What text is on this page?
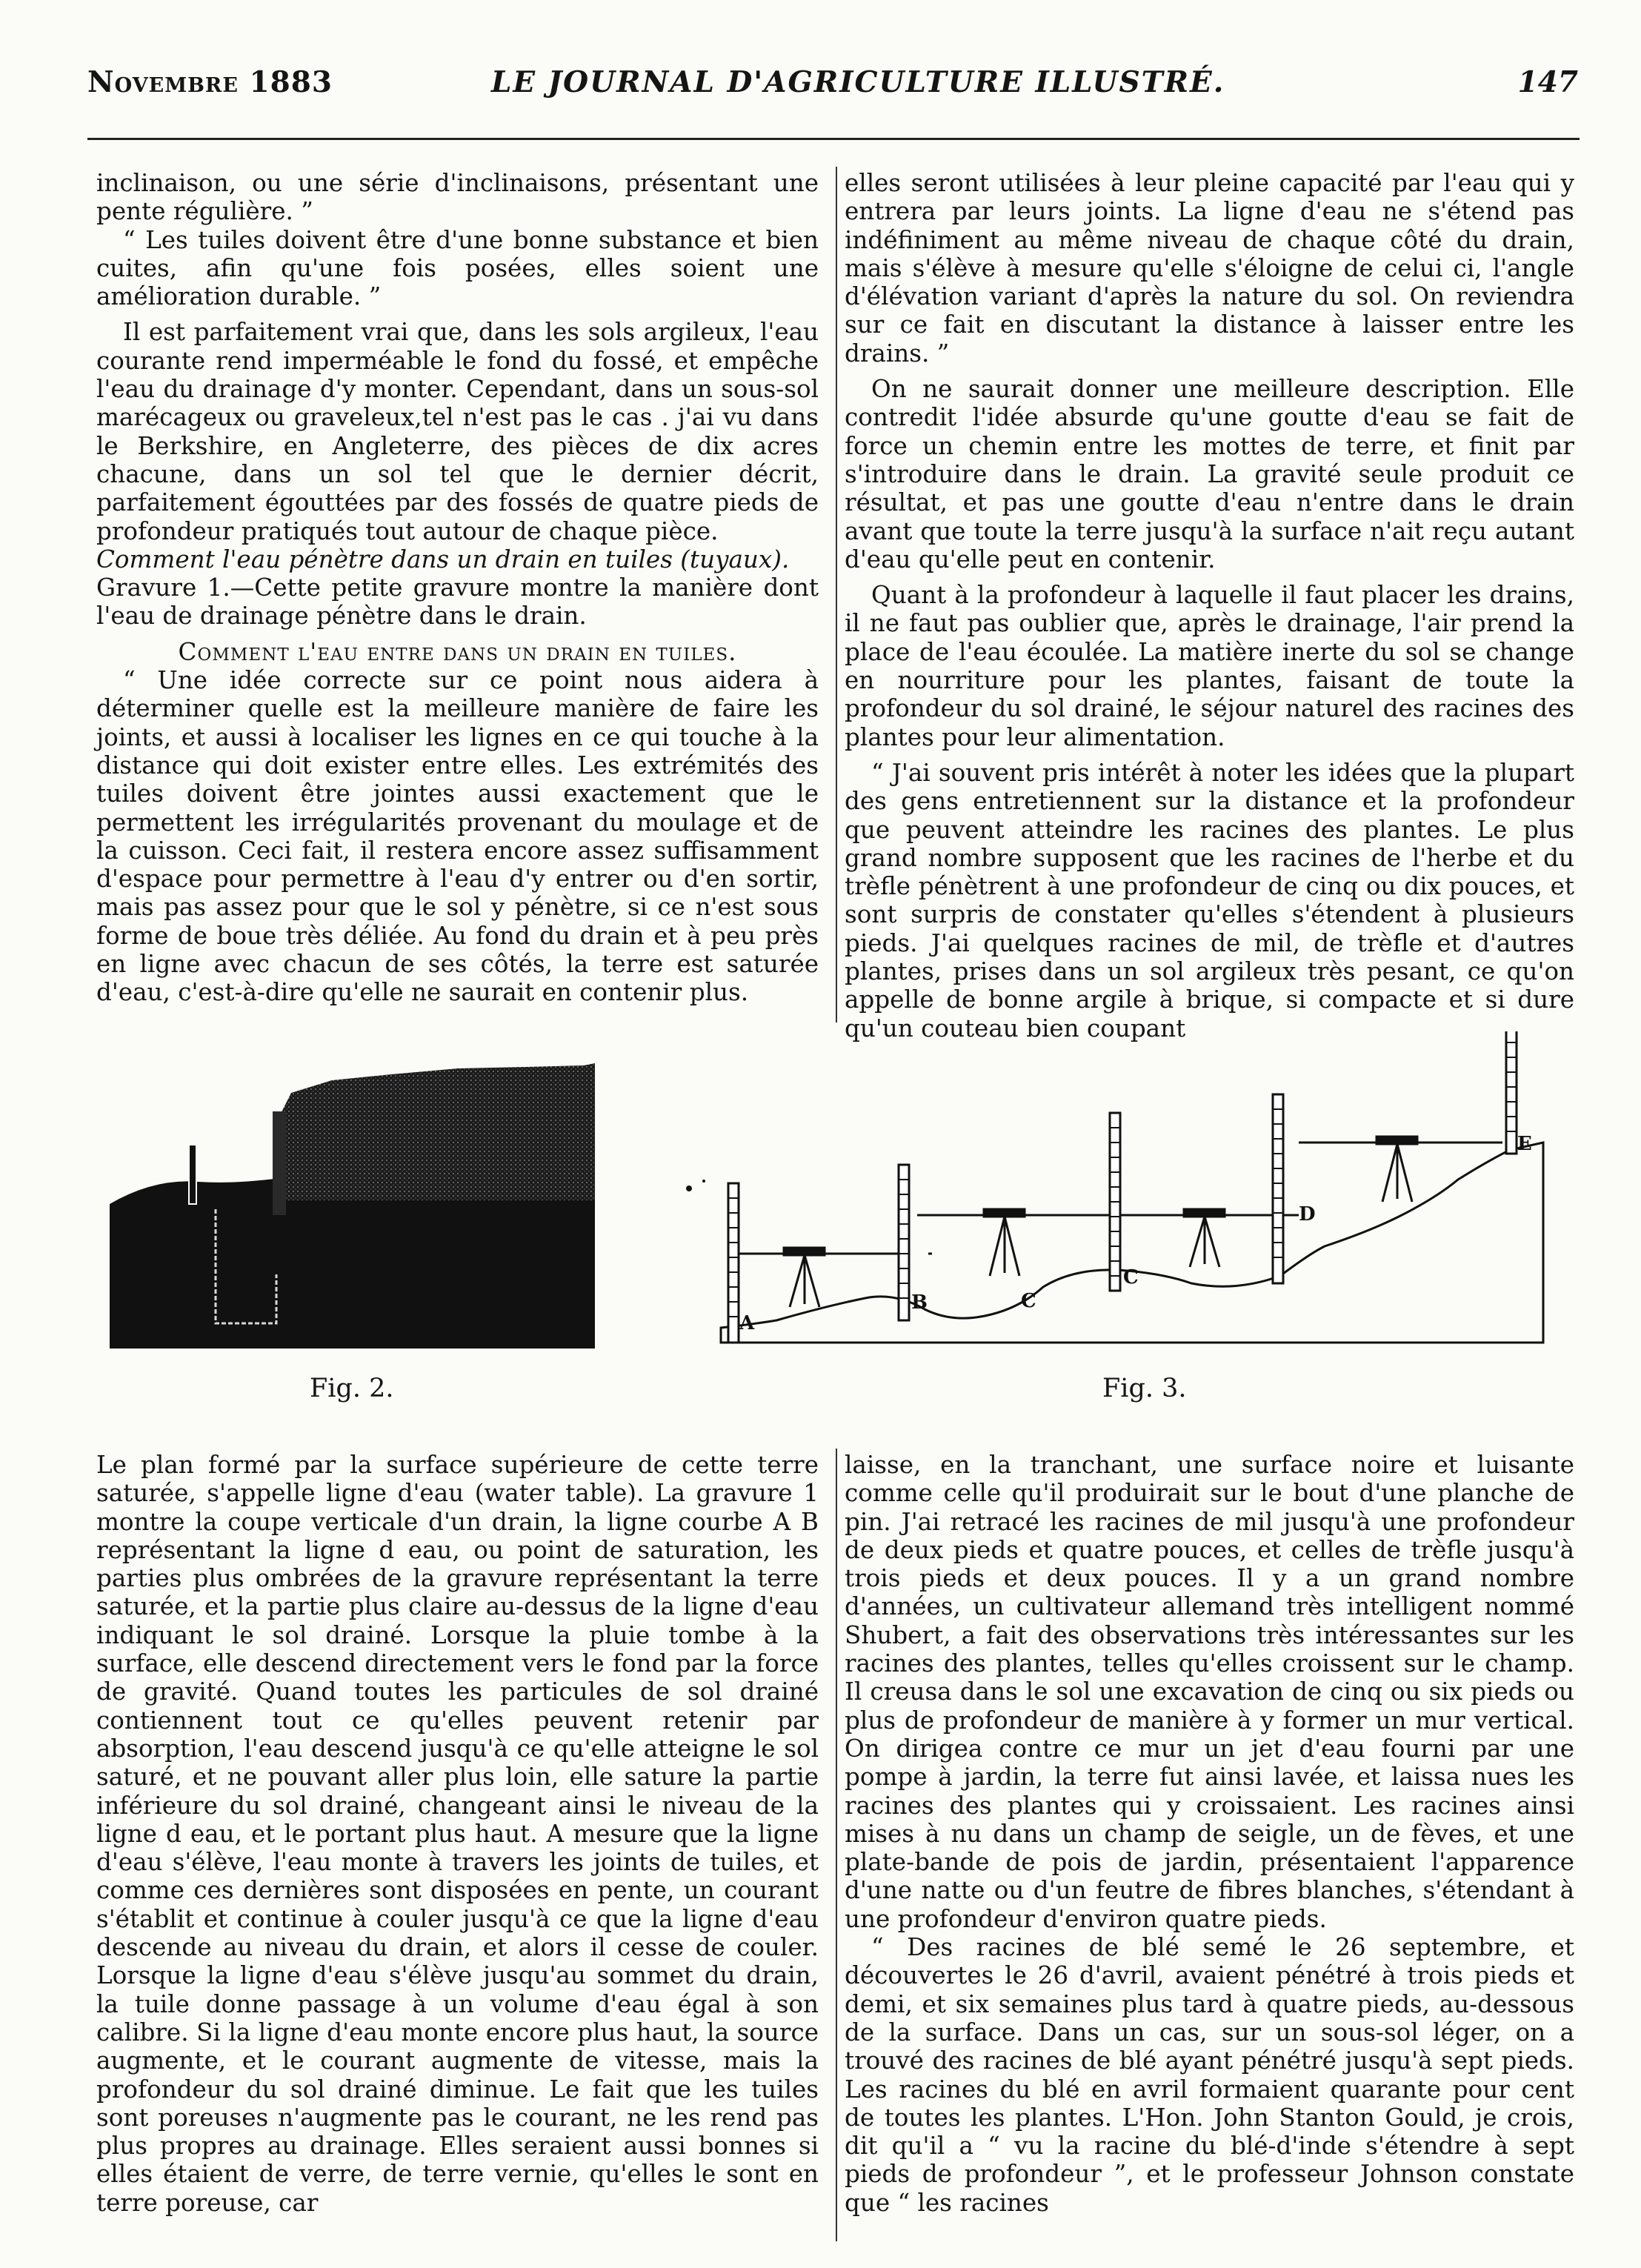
Novembre 1883	LE JOURNAL D'AGRICULTURE ILLUSTRÉ.	147

inclinaison, ou une série d'inclinaisons, présentant une pente régulière. ”

“ Les tuiles doivent être d'une bonne substance et bien cuites, afin qu'une fois posées, elles soient une amélioration durable. ”

Il est parfaitement vrai que, dans les sols argileux, l'eau courante rend imperméable le fond du fossé, et empêche l'eau du drainage d'y monter. Cependant, dans un sous-sol marécageux ou graveleux,tel n'est pas le cas . j'ai vu dans le Berkshire, en Angleterre, des pièces de dix acres chacune, dans un sol tel que le dernier décrit, parfaitement égouttées par des fossés de quatre pieds de profondeur pratiqués tout autour de chaque pièce.

Comment l'eau pénètre dans un drain en tuiles (tuyaux).

Gravure 1.—Cette petite gravure montre la manière dont l'eau de drainage pénètre dans le drain.

Comment l'eau entre dans un drain en tuiles.

“ Une idée correcte sur ce point nous aidera à déterminer quelle est la meilleure manière de faire les joints, et aussi à localiser les lignes en ce qui touche à la distance qui doit exister entre elles. Les extrémités des tuiles doivent être jointes aussi exactement que le permettent les irrégularités provenant du moulage et de la cuisson. Ceci fait, il restera encore assez suffisamment d'espace pour permettre à l'eau d'y entrer ou d'en sortir, mais pas assez pour que le sol y pénètre, si ce n'est sous forme de boue très déliée. Au fond du drain et à peu près en ligne avec chacun de ses côtés, la terre est saturée d'eau, c'est-à-dire qu'elle ne saurait en contenir plus.

elles seront utilisées à leur pleine capacité par l'eau qui y entrera par leurs joints. La ligne d'eau ne s'étend pas indéfiniment au même niveau de chaque côté du drain, mais s'élève à mesure qu'elle s'éloigne de celui ci, l'angle d'élévation variant d'après la nature du sol. On reviendra sur ce fait en discutant la distance à laisser entre les drains. ”

On ne saurait donner une meilleure description. Elle contredit l'idée absurde qu'une goutte d'eau se fait de force un chemin entre les mottes de terre, et finit par s'introduire dans le drain. La gravité seule produit ce résultat, et pas une goutte d'eau n'entre dans le drain avant que toute la terre jusqu'à la surface n'ait reçu autant d'eau qu'elle peut en contenir.

Quant à la profondeur à laquelle il faut placer les drains, il ne faut pas oublier que, après le drainage, l'air prend la place de l'eau écoulée. La matière inerte du sol se change en nourriture pour les plantes, faisant de toute la profondeur du sol drainé, le séjour naturel des racines des plantes pour leur alimentation.

“ J'ai souvent pris intérêt à noter les idées que la plupart des gens entretiennent sur la distance et la profondeur que peuvent atteindre les racines des plantes. Le plus grand nombre supposent que les racines de l'herbe et du trèfle pénètrent à une profondeur de cinq ou dix pouces, et sont surpris de constater qu'elles s'étendent à plusieurs pieds. J'ai quelques racines de mil, de trèfle et d'autres plantes, prises dans un sol argileux très pesant, ce qu'on appelle de bonne argile à brique, si compacte et si dure qu'un couteau bien coupant

Fig. 2.
A
B	C
C
D
E
Fig. 3.

Le plan formé par la surface supérieure de cette terre saturée, s'appelle ligne d'eau (water table). La gravure 1 montre la coupe verticale d'un drain, la ligne courbe A B représentant la ligne d eau, ou point de saturation, les parties plus ombrées de la gravure représentant la terre saturée, et la partie plus claire au-dessus de la ligne d'eau indiquant le sol drainé. Lorsque la pluie tombe à la surface, elle descend directement vers le fond par la force de gravité. Quand toutes les particules de sol drainé contiennent tout ce qu'elles peuvent retenir par absorption, l'eau descend jusqu'à ce qu'elle atteigne le sol saturé, et ne pouvant aller plus loin, elle sature la partie inférieure du sol drainé, changeant ainsi le niveau de la ligne d eau, et le portant plus haut. A mesure que la ligne d'eau s'élève, l'eau monte à travers les joints de tuiles, et comme ces dernières sont disposées en pente, un courant s'établit et continue à couler jusqu'à ce que la ligne d'eau descende au niveau du drain, et alors il cesse de couler. Lorsque la ligne d'eau s'élève jusqu'au sommet du drain, la tuile donne passage à un volume d'eau égal à son calibre. Si la ligne d'eau monte encore plus haut, la source augmente, et le courant augmente de vitesse, mais la profondeur du sol drainé diminue. Le fait que les tuiles sont poreuses n'augmente pas le courant, ne les rend pas plus propres au drainage. Elles seraient aussi bonnes si elles étaient de verre, de terre vernie, qu'elles le sont en terre poreuse, car

laisse, en la tranchant, une surface noire et luisante comme celle qu'il produirait sur le bout d'une planche de pin. J'ai retracé les racines de mil jusqu'à une profondeur de deux pieds et quatre pouces, et celles de trèfle jusqu'à trois pieds et deux pouces. Il y a un grand nombre d'années, un cultivateur allemand très intelligent nommé Shubert, a fait des observations très intéressantes sur les racines des plantes, telles qu'elles croissent sur le champ. Il creusa dans le sol une excavation de cinq ou six pieds ou plus de profondeur de manière à y former un mur vertical. On dirigea contre ce mur un jet d'eau fourni par une pompe à jardin, la terre fut ainsi lavée, et laissa nues les racines des plantes qui y croissaient. Les racines ainsi mises à nu dans un champ de seigle, un de fèves, et une plate-bande de pois de jardin, présentaient l'apparence d'une natte ou d'un feutre de fibres blanches, s'étendant à une profondeur d'environ quatre pieds.

“ Des racines de blé semé le 26 septembre, et découvertes le 26 d'avril, avaient pénétré à trois pieds et demi, et six semaines plus tard à quatre pieds, au-dessous de la surface. Dans un cas, sur un sous-sol léger, on a trouvé des racines de blé ayant pénétré jusqu'à sept pieds. Les racines du blé en avril formaient quarante pour cent de toutes les plantes. L'Hon. John Stanton Gould, je crois, dit qu'il a “ vu la racine du blé-d'inde s'étendre à sept pieds de profondeur ”, et le professeur Johnson constate que “ les racines
